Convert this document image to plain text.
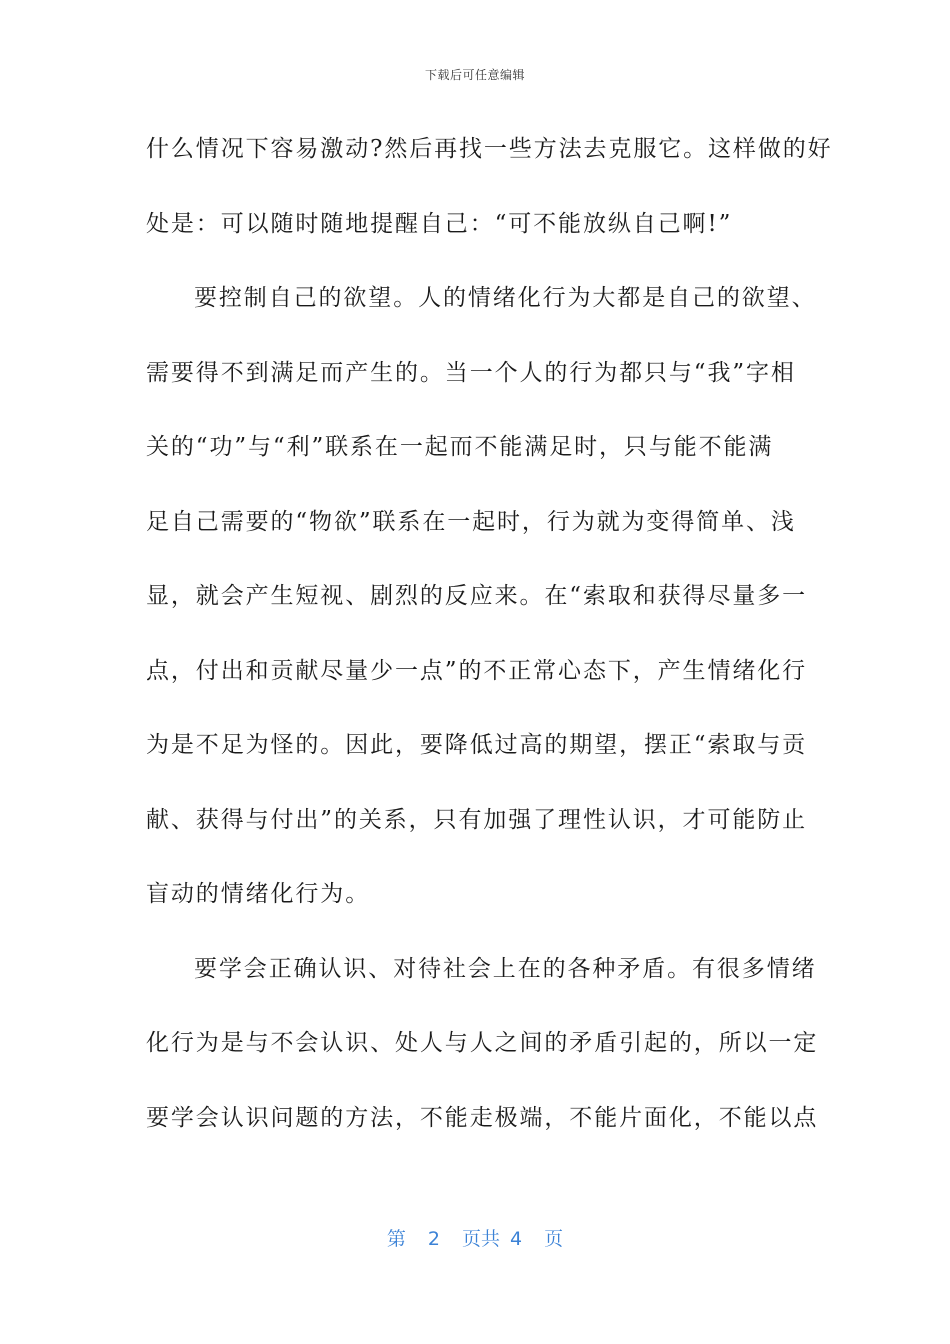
下载后可任意编辑
什么情况下容易激动?然后再找一些方法去克服它。这样做的好
处是：可以随时随地提醒自己：“可不能放纵自己啊!”
要控制自己的欲望。人的情绪化行为大都是自己的欲望、
需要得不到满足而产生的。当一个人的行为都只与“我”字相
关的“功”与“利”联系在一起而不能满足时，只与能不能满
足自己需要的“物欲”联系在一起时，行为就为变得简单、浅
显，就会产生短视、剧烈的反应来。在“索取和获得尽量多一
点，付出和贡献尽量少一点”的不正常心态下，产生情绪化行
为是不足为怪的。因此，要降低过高的期望，摆正“索取与贡
献、获得与付出”的关系，只有加强了理性认识，才可能防止
盲动的情绪化行为。
要学会正确认识、对待社会上在的各种矛盾。有很多情绪
化行为是与不会认识、处人与人之间的矛盾引起的，所以一定
要学会认识问题的方法，不能走极端，不能片面化，不能以点
第 2 页共 4 页
